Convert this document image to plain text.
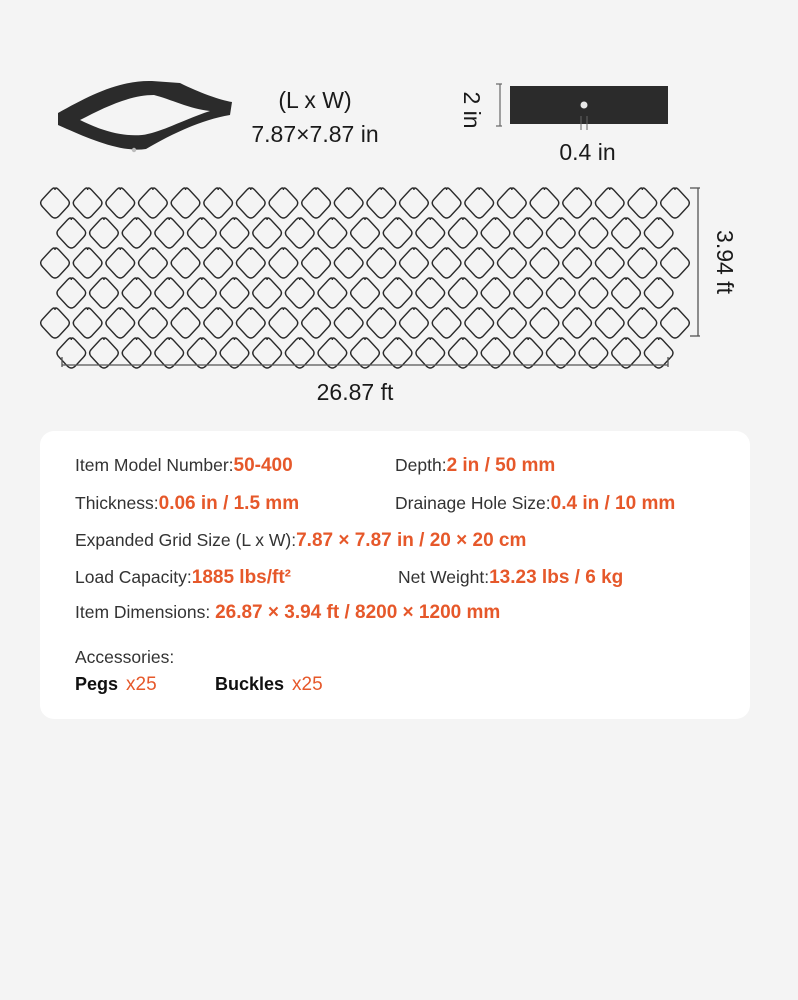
(L x W)
7.87×7.87 in
2 in
0.4 in
3.94 ft
26.87 ft
Item Model Number:50-400	Depth:2 in / 50 mm
Thickness:0.06 in / 1.5 mm	Drainage Hole Size:0.4 in / 10 mm
Expanded Grid Size (L x W):7.87 × 7.87 in / 20 × 20 cm
Load Capacity:1885 lbs/ft²	Net Weight:13.23 lbs / 6 kg
Item Dimensions: 26.87 × 3.94 ft / 8200 × 1200 mm
Accessories:
Pegs x25	Buckles x25
